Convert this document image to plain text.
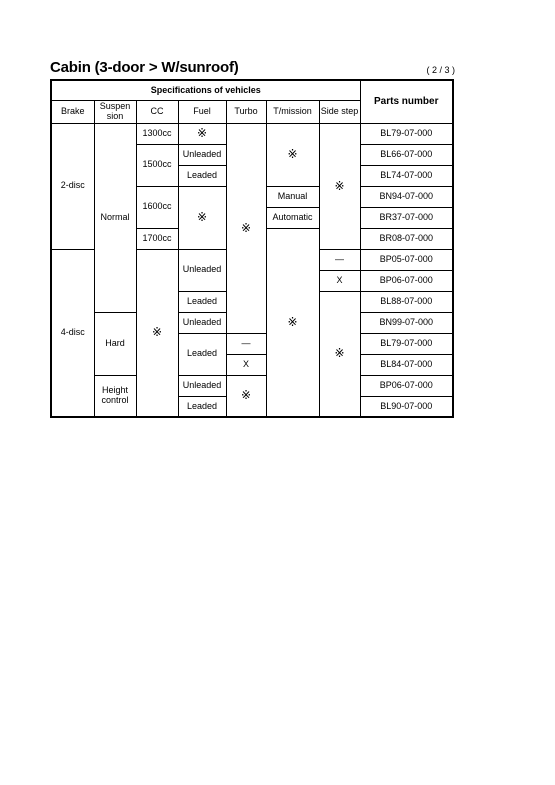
Cabin (3-door > W/sunroof)	( 2 / 3 )
Specifications of vehicles							Parts number
Brake	Suspen sion	CC	Fuel	Turbo	T/mission	Side step	
2-disc	Normal	1300cc	※	※	※	※	BL79-07-000
		1500cc	Unleaded				BL66-07-000
			Leaded				BL74-07-000
		1600cc	※		Manual		BN94-07-000
					Automatic		BR37-07-000
		1700cc			※		BR08-07-000
4-disc		※	Unleaded			—	BP05-07-000
						X	BP06-07-000
			Leaded			※	BL88-07-000
	Hard		Unleaded				BN99-07-000
			Leaded	—			BL79-07-000
				X			BL84-07-000
	Height control		Unleaded	※			BP06-07-000
			Leaded				BL90-07-000
